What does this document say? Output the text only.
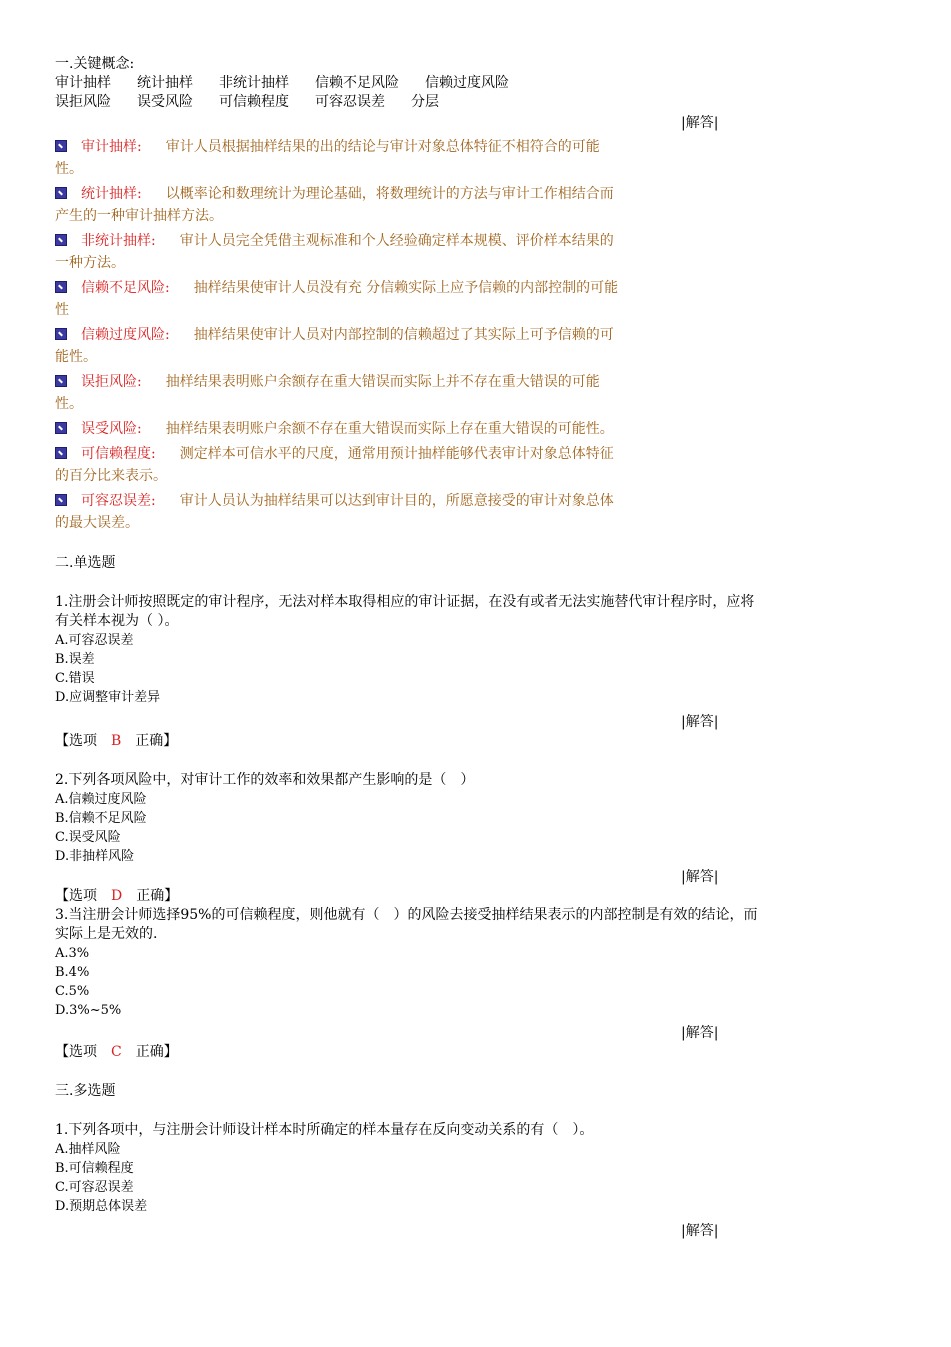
一.关键概念:

审计抽样 统计抽样 非统计抽样 信赖不足风险 信赖过度风险

误拒风险 误受风险 可信赖程度 可容忍误差 分层

|解答|
审计抽样: 审计人员根据抽样结果的出的结论与审计对象总体特征不相符合的可能
性。
统计抽样: 以概率论和数理统计为理论基础，将数理统计的方法与审计工作相结合而
产生的一种审计抽样方法。
非统计抽样: 审计人员完全凭借主观标准和个人经验确定样本规模、评价样本结果的
一种方法。
信赖不足风险: 抽样结果使审计人员没有充 分信赖实际上应予信赖的内部控制的可能
性
信赖过度风险: 抽样结果使审计人员对内部控制的信赖超过了其实际上可予信赖的可
能性。
误拒风险: 抽样结果表明账户余额存在重大错误而实际上并不存在重大错误的可能
性。
误受风险: 抽样结果表明账户余额不存在重大错误而实际上存在重大错误的可能性。
可信赖程度: 测定样本可信水平的尺度，通常用预计抽样能够代表审计对象总体特征
的百分比来表示。
可容忍误差: 审计人员认为抽样结果可以达到审计目的，所愿意接受的审计对象总体
的最大误差。

二.单选题

1.注册会计师按照既定的审计程序，无法对样本取得相应的审计证据，在没有或者无法实施替代审计程序时，应将

有关样本视为（ ）。

A.可容忍误差

B.误差

C.错误

D.应调整审计差异

|解答|

【选项 B 正确】

2.下列各项风险中，对审计工作的效率和效果都产生影响的是（　）

A.信赖过度风险

B.信赖不足风险

C.误受风险

D.非抽样风险

|解答|

【选项 D 正确】

3.当注册会计师选择95%的可信赖程度，则他就有（　）的风险去接受抽样结果表示的内部控制是有效的结论，而

实际上是无效的.

A.3%

B.4%

C.5%

D.3%~5%

|解答|

【选项 C 正确】

三.多选题

1.下列各项中，与注册会计师设计样本时所确定的样本量存在反向变动关系的有（　）。

A.抽样风险

B.可信赖程度

C.可容忍误差

D.预期总体误差

|解答|
